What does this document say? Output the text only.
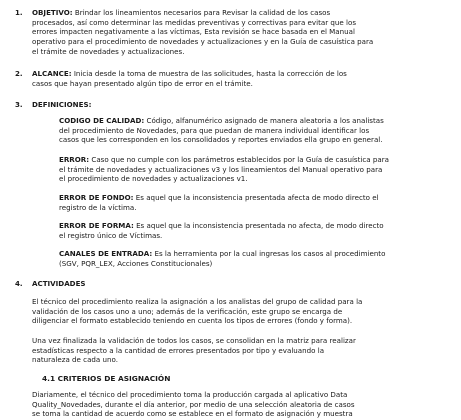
1.	OBJETIVO: Brindar los lineamientos necesarios para Revisar la calidad de los casos

procesados, así como determinar las medidas preventivas y correctivas para evitar que los

errores impacten negativamente a las víctimas, Esta revisión se hace basada en el Manual

operativo para el procedimiento de novedades y actualizaciones y en la Guía de casuística para

el trámite de novedades y actualizaciones.

2.	ALCANCE: Inicia desde la toma de muestra de las solicitudes, hasta la corrección de los

casos que hayan presentado algún tipo de error en el trámite.

3.	DEFINICIONES:

CODIGO DE CALIDAD: Código, alfanumérico asignado de manera aleatoria a los analistas

del procedimiento de Novedades, para que puedan de manera individual identificar los

casos que les corresponden en los consolidados y reportes enviados ella grupo en general.

ERROR: Caso que no cumple con los parámetros establecidos por la Guía de casuística para

el trámite de novedades y actualizaciones v3 y los lineamientos del Manual operativo para

el procedimiento de novedades y actualizaciones v1.

ERROR DE FONDO: Es aquel que la inconsistencia presentada afecta de modo directo el

registro de la víctima.

ERROR DE FORMA: Es aquel que la inconsistencia presentada no afecta, de modo directo

el registro único de Víctimas.

CANALES DE ENTRADA: Es la herramienta por la cual ingresas los casos al procedimiento

(SGV, PQR_LEX, Acciones Constitucionales)

4.	ACTIVIDADES

El técnico del procedimiento realiza la asignación a los analistas del grupo de calidad para la

validación de los casos uno a uno; además de la verificación, este grupo se encarga de

diligenciar el formato establecido teniendo en cuenta los tipos de errores (fondo y forma).

Una vez finalizada la validación de todos los casos, se consolidan en la matriz para realizar

estadísticas respecto a la cantidad de errores presentados por tipo y evaluando la

naturaleza de cada uno.

4.1 CRITERIOS DE ASIGNACIÓN

Diariamente, el técnico del procedimiento toma la producción cargada al aplicativo Data

Quality_Novedades, durante el día anterior, por medio de una selección aleatoria de casos

se toma la cantidad de acuerdo como se establece en el formato de asignación y muestra
